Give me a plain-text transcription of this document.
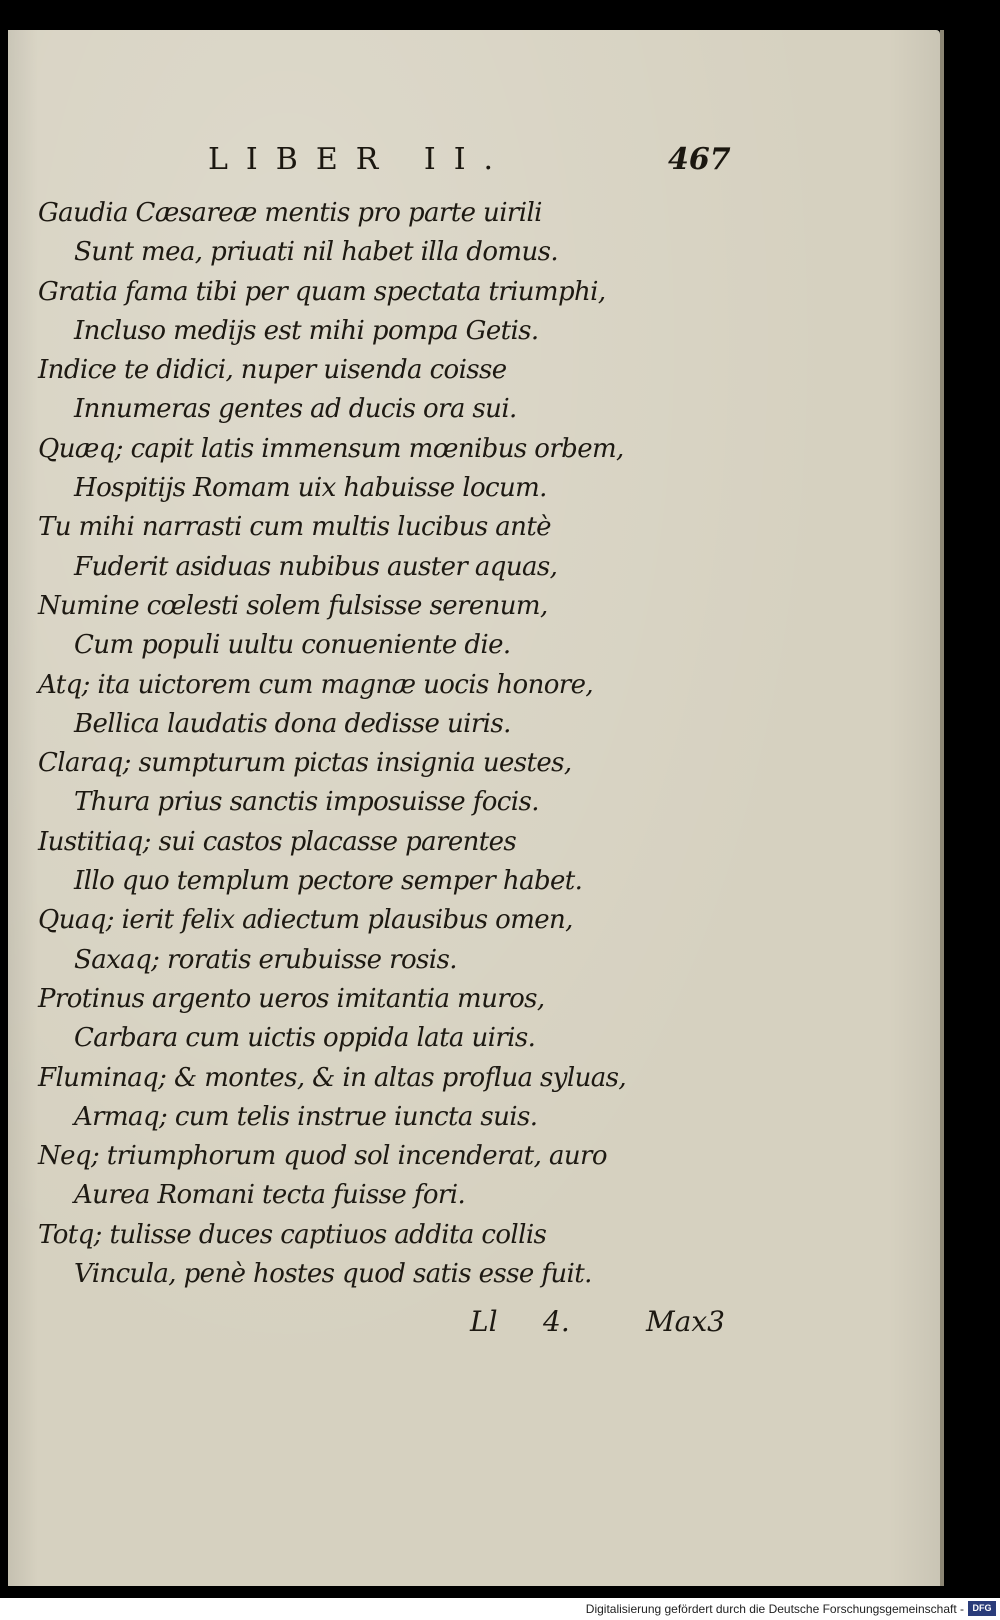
LIBER II.	467
Gaudia Cæsareæ mentis pro parte uirili
Sunt mea, priuati nil habet illa domus.
Gratia fama tibi per quam spectata triumphi,
Incluso medijs est mihi pompa Getis.
Indice te didici, nuper uisenda coisse
Innumeras gentes ad ducis ora sui.
Quæq; capit latis immensum mœnibus orbem,
Hospitijs Romam uix habuisse locum.
Tu mihi narrasti cum multis lucibus antè
Fuderit asiduas nubibus auster aquas,
Numine cœlesti solem fulsisse serenum,
Cum populi uultu conueniente die.
Atq; ita uictorem cum magnæ uocis honore,
Bellica laudatis dona dedisse uiris.
Claraq; sumpturum pictas insignia uestes,
Thura prius sanctis imposuisse focis.
Iustitiaq; sui castos placasse parentes
Illo quo templum pectore semper habet.
Quaq; ierit felix adiectum plausibus omen,
Saxaq; roratis erubuisse rosis.
Protinus argento ueros imitantia muros,
Carbara cum uictis oppida lata uiris.
Fluminaq; & montes, & in altas proflua syluas,
Armaq; cum telis instrue iuncta suis.
Neq; triumphorum quod sol incenderat, auro
Aurea Romani tecta fuisse fori.
Totq; tulisse duces captiuos addita collis
Vincula, penè hostes quod satis esse fuit.
Ll 4.	Max3
Digitalisierung gefördert durch die Deutsche Forschungsgemeinschaft - DFG
